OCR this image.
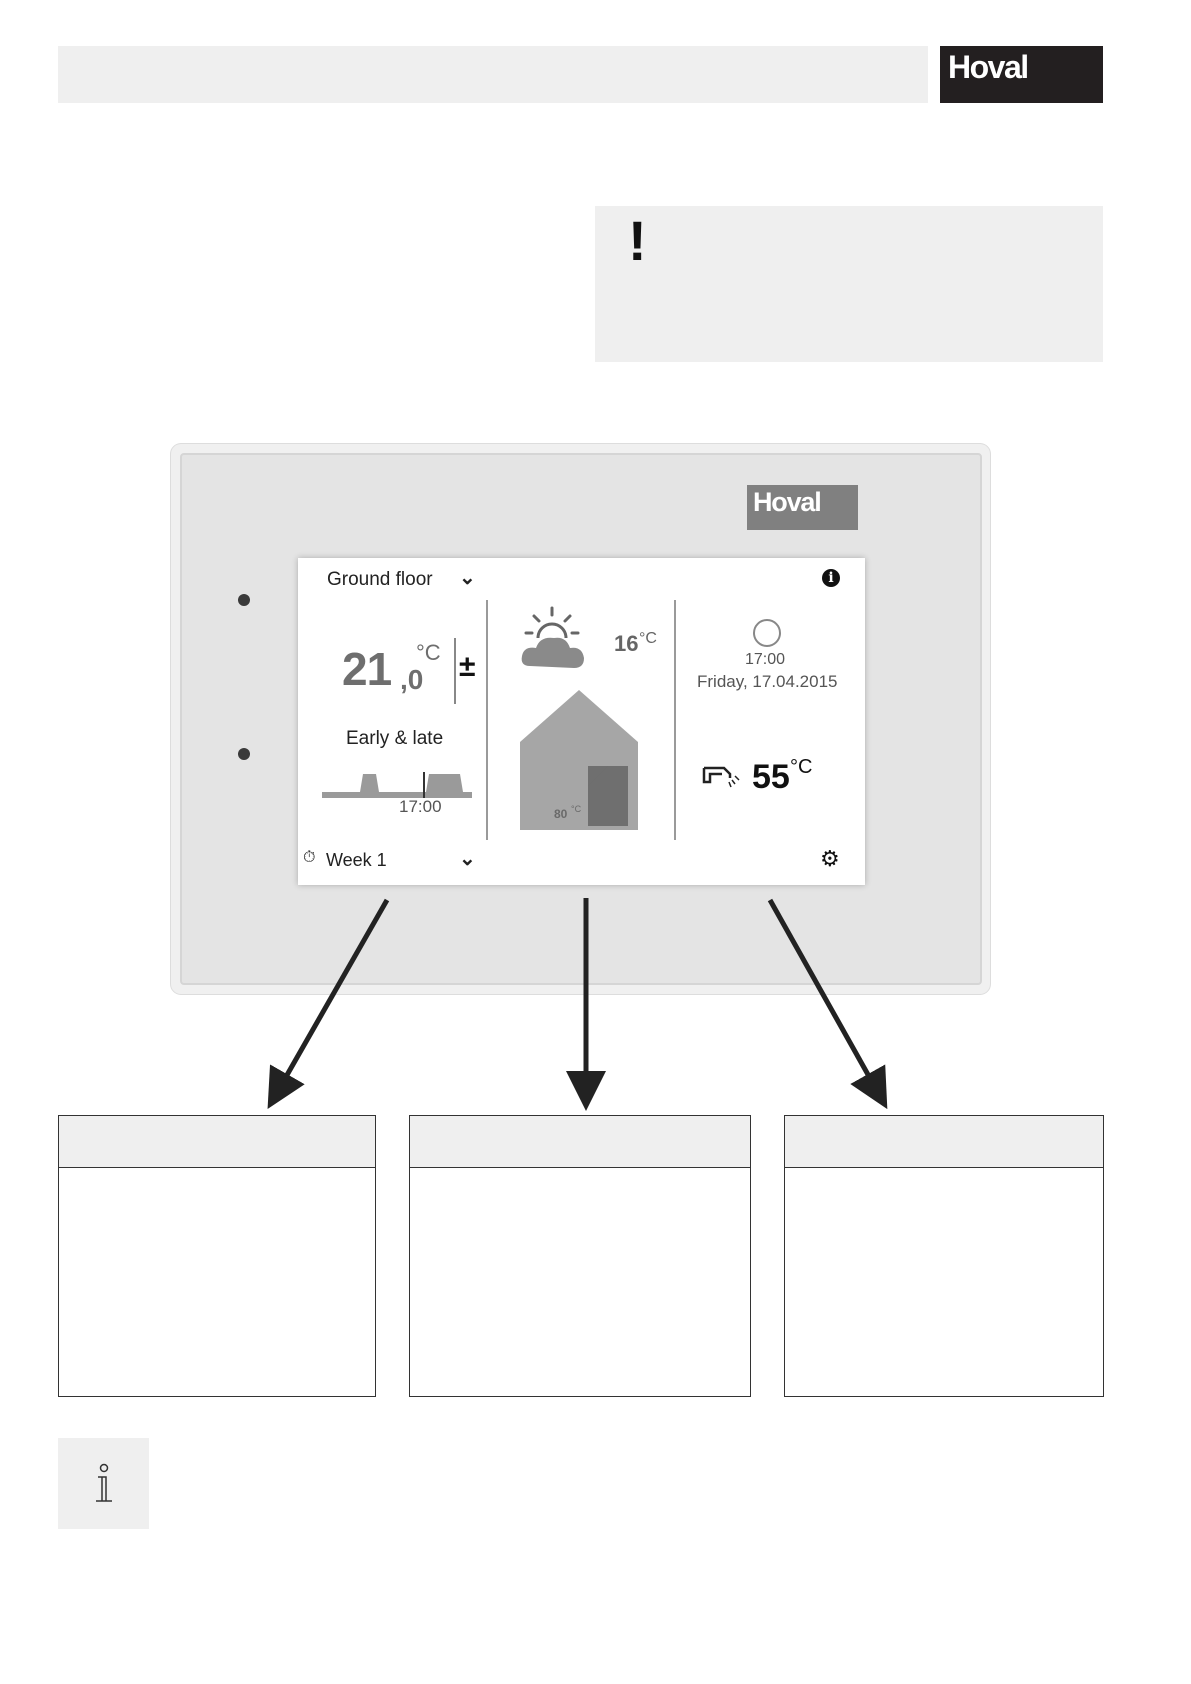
Hoval
!
Hoval
Ground floor ⌄	i
21 ,0
°C ±
Early & late
17:00
⏱ Week 1	⌄
16 °C
80 °C
17:00
Friday, 17.04.2015
55 °C
⚙
